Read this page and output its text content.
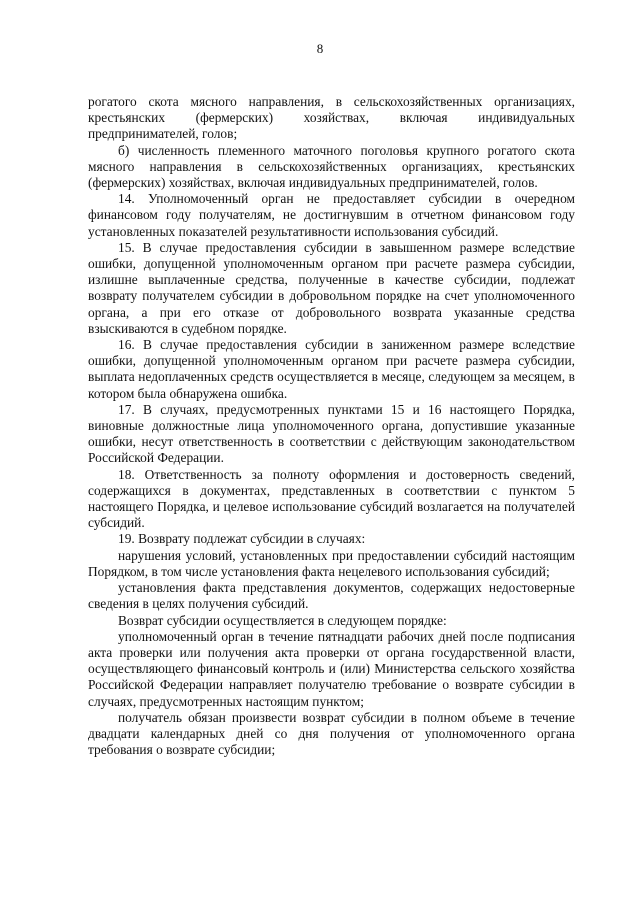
8

рогатого скота мясного направления, в сельскохозяйственных организациях, крестьянских (фермерских) хозяйствах, включая индивидуальных предпринимателей, голов;

б) численность племенного маточного поголовья крупного рогатого скота мясного направления в сельскохозяйственных организациях, крестьянских (фермерских) хозяйствах, включая индивидуальных предпринимателей, голов.

14. Уполномоченный орган не предоставляет субсидии в очередном финансовом году получателям, не достигнувшим в отчетном финансовом году установленных показателей результативности использования субсидий.

15. В случае предоставления субсидии в завышенном размере вследствие ошибки, допущенной уполномоченным органом при расчете размера субсидии, излишне выплаченные средства, полученные в качестве субсидии, подлежат возврату получателем субсидии в добровольном порядке на счет уполномоченного органа, а при его отказе от добровольного возврата указанные средства взыскиваются в судебном порядке.

16. В случае предоставления субсидии в заниженном размере вследствие ошибки, допущенной уполномоченным органом при расчете размера субсидии, выплата недоплаченных средств осуществляется в месяце, следующем за месяцем, в котором была обнаружена ошибка.

17. В случаях, предусмотренных пунктами 15 и 16 настоящего Порядка, виновные должностные лица уполномоченного органа, допустившие указанные ошибки, несут ответственность в соответствии с действующим законодательством Российской Федерации.

18. Ответственность за полноту оформления и достоверность сведений, содержащихся в документах, представленных в соответствии с пунктом 5 настоящего Порядка, и целевое использование субсидий возлагается на получателей субсидий.

19. Возврату подлежат субсидии в случаях:

нарушения условий, установленных при предоставлении субсидий настоящим Порядком, в том числе установления факта нецелевого использования субсидий;

установления факта представления документов, содержащих недостоверные сведения в целях получения субсидий.

Возврат субсидии осуществляется в следующем порядке:

уполномоченный орган в течение пятнадцати рабочих дней после подписания акта проверки или получения акта проверки от органа государственной власти, осуществляющего финансовый контроль и (или) Министерства сельского хозяйства Российской Федерации направляет получателю требование о возврате субсидии в случаях, предусмотренных настоящим пунктом;

получатель обязан произвести возврат субсидии в полном объеме в течение двадцати календарных дней со дня получения от уполномоченного органа требования о возврате субсидии;
